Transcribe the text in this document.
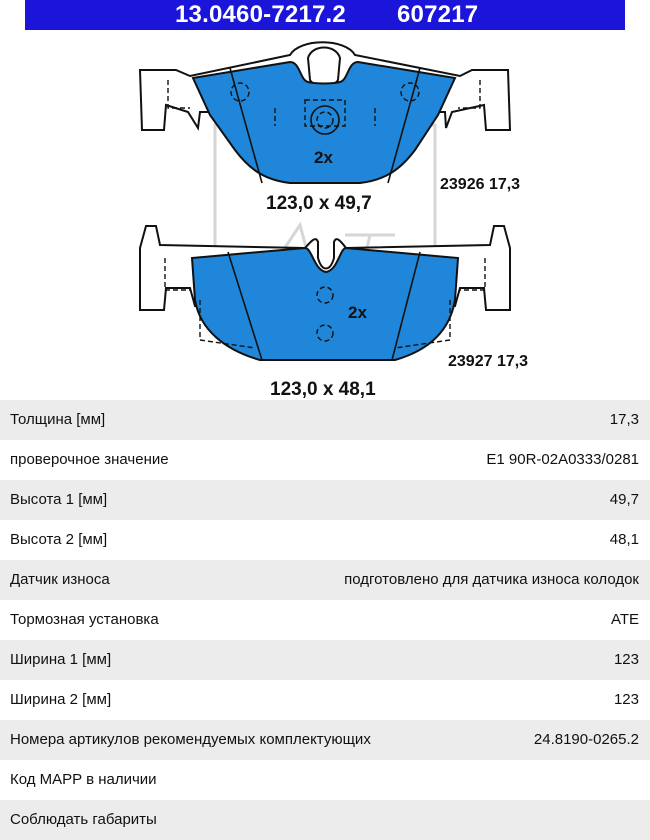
13.0460-7217.2 607217
2x
123,0 x 49,7
23926 17,3
2x
123,0 x 48,1
23927 17,3
Толщина [мм]	17,3
проверочное значение	E1 90R-02A0333/0281
Высота 1 [мм]	49,7
Высота 2 [мм]	48,1
Датчик износа	подготовлено для датчика износа колодок
Тормозная установка	ATE
Ширина 1 [мм]	123
Ширина 2 [мм]	123
Номера артикулов рекомендуемых комплектующих	24.8190-0265.2
Код MAPP в наличии
Соблюдать габариты
